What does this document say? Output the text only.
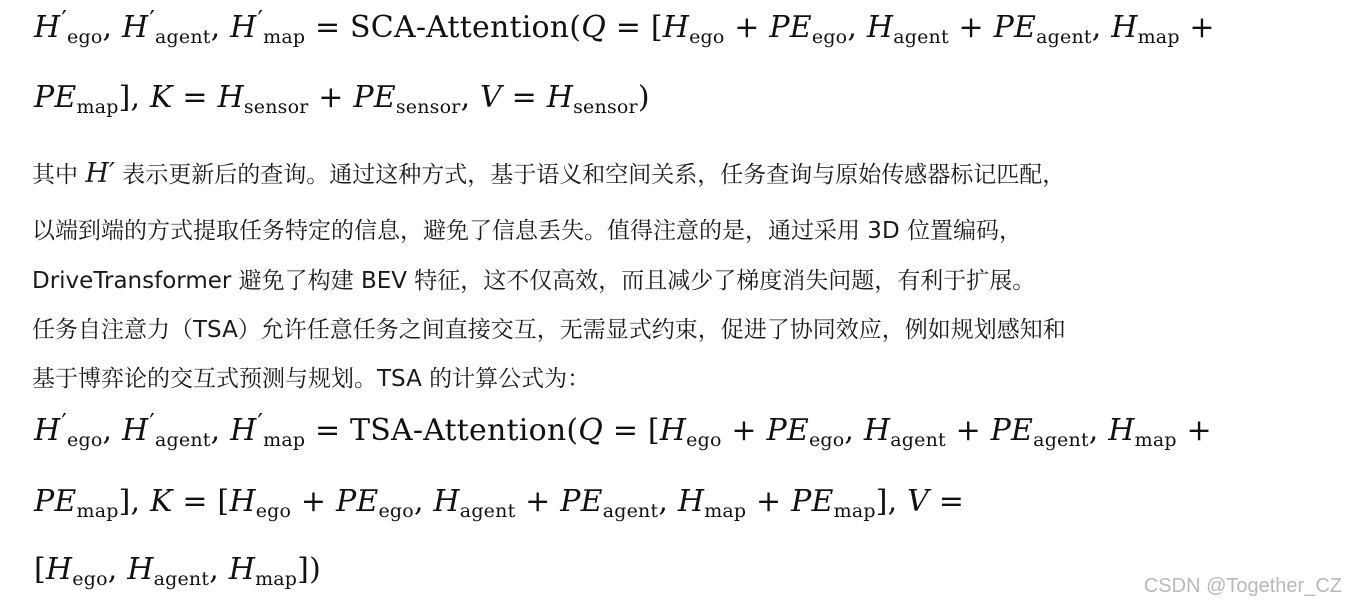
$H'_{ego}$, $H'_{agent}$, $H'_{map}$ = SCA-Attention(Q = [$H_{ego} + PE_{ego}$, $H_{agent} + PE_{agent}$, $H_{map}$ +
$PE_{map}$], $K = H_{sensor} + PE_{sensor}$, $V = H_{sensor}$)
其中 H′ 表示更新后的查询。通过这种方式，基于语义和空间关系，任务查询与原始传感器标记匹配，
以端到端的方式提取任务特定的信息，避免了信息丢失。值得注意的是，通过采用 3D 位置编码，
DriveTransformer 避免了构建 BEV 特征，这不仅高效，而且减少了梯度消失问题，有利于扩展。
任务自注意力（TSA）允许任意任务之间直接交互，无需显式约束，促进了协同效应，例如规划感知和
基于博弈论的交互式预测与规划。TSA 的计算公式为：
$H'_{ego}$, $H'_{agent}$, $H'_{map}$ = TSA-Attention(Q = [$H_{ego} + PE_{ego}$, $H_{agent} + PE_{agent}$, $H_{map}$ +
$PE_{map}$], $K = [H_{ego} + PE_{ego}$, $H_{agent} + PE_{agent}$, $H_{map} + PE_{map}$], V =
[$H_{ego}$, $H_{agent}$, $H_{map}$])	CSDN @Together_CZ
